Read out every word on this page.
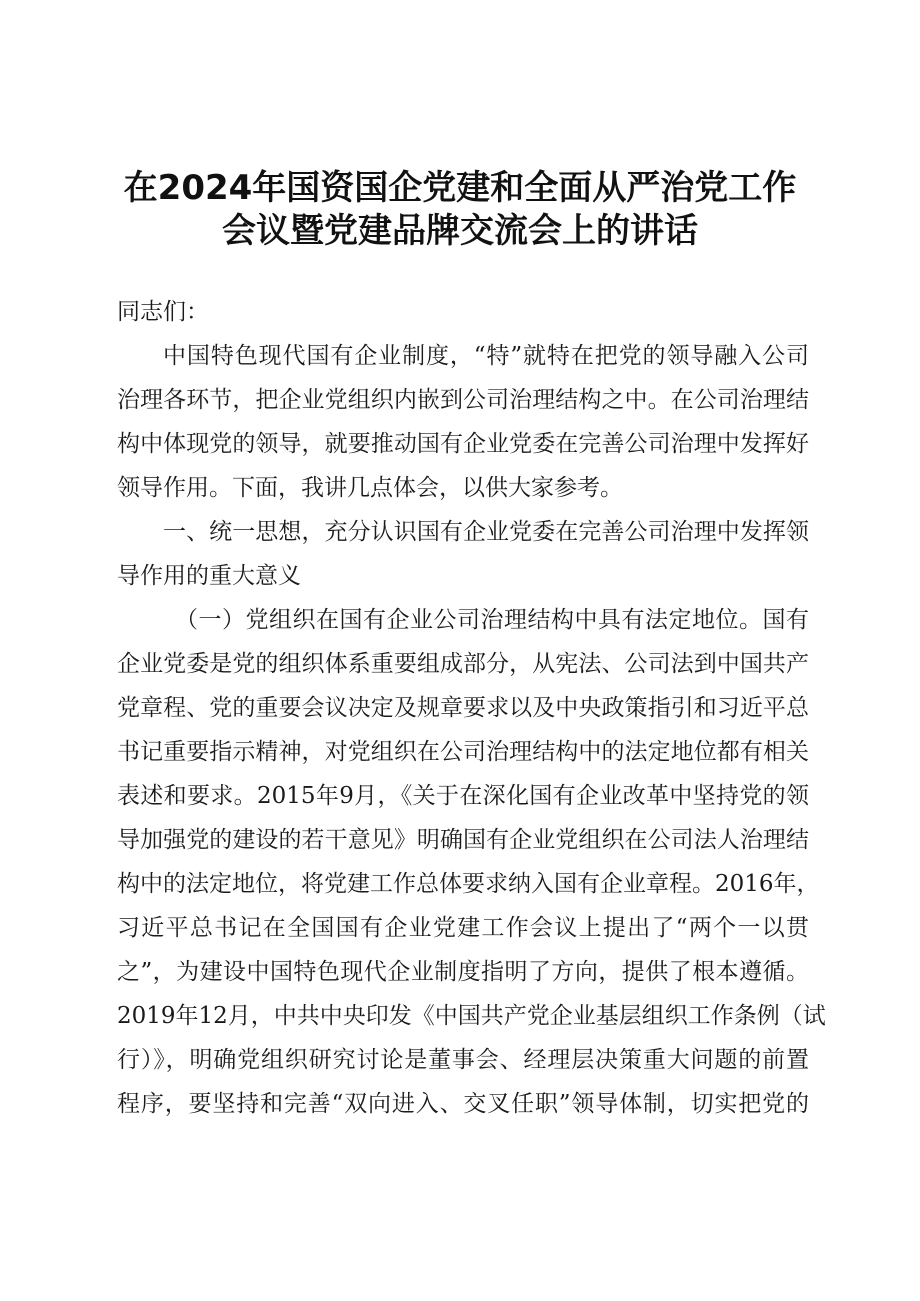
在2024年国资国企党建和全面从严治党工作
会议暨党建品牌交流会上的讲话

同志们：

中国特色现代国有企业制度，“特”就特在把党的领导融入公司

治理各环节，把企业党组织内嵌到公司治理结构之中。在公司治理结

构中体现党的领导，就要推动国有企业党委在完善公司治理中发挥好

领导作用。下面，我讲几点体会，以供大家参考。

一、统一思想，充分认识国有企业党委在完善公司治理中发挥领

导作用的重大意义

（一）党组织在国有企业公司治理结构中具有法定地位。国有

企业党委是党的组织体系重要组成部分，从宪法、公司法到中国共产

党章程、党的重要会议决定及规章要求以及中央政策指引和习近平总

书记重要指示精神，对党组织在公司治理结构中的法定地位都有相关

表述和要求。2015年9月，《关于在深化国有企业改革中坚持党的领

导加强党的建设的若干意见》明确国有企业党组织在公司法人治理结

构中的法定地位，将党建工作总体要求纳入国有企业章程。2016年，

习近平总书记在全国国有企业党建工作会议上提出了“两个一以贯

之”，为建设中国特色现代企业制度指明了方向，提供了根本遵循。

2019年12月，中共中央印发《中国共产党企业基层组织工作条例（试

行）》，明确党组织研究讨论是董事会、经理层决策重大问题的前置

程序，要坚持和完善“双向进入、交叉任职”领导体制，切实把党的
